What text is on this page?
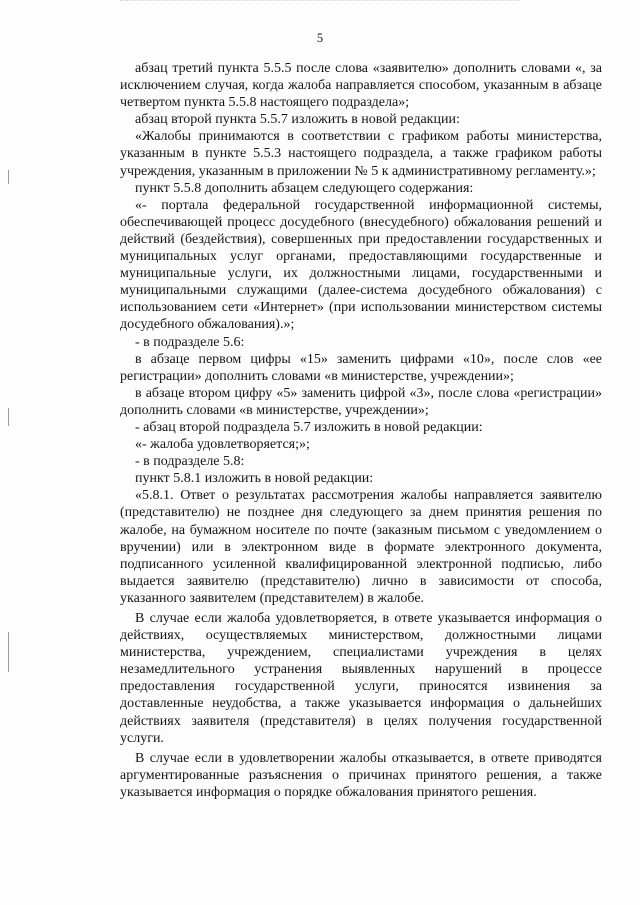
5

абзац третий пункта 5.5.5 после слова «заявителю» дополнить словами «, за исключением случая, когда жалоба направляется способом, указанным в абзаце четвертом пункта 5.5.8 настоящего подраздела»;

абзац второй пункта 5.5.7 изложить в новой редакции:

«Жалобы принимаются в соответствии с графиком работы министерства, указанным в пункте 5.5.3 настоящего подраздела, а также графиком работы учреждения, указанным в приложении № 5 к административному регламенту.»;

пункт 5.5.8 дополнить абзацем следующего содержания:

«- портала федеральной государственной информационной системы, обеспечивающей процесс досудебного (внесудебного) обжалования решений и действий (бездействия), совершенных при предоставлении государственных и муниципальных услуг органами, предоставляющими государственные и муниципальные услуги, их должностными лицами, государственными и муниципальными служащими (далее-система досудебного обжалования) с использованием сети «Интернет» (при использовании министерством системы досудебного обжалования).»;

- в подразделе 5.6:

в абзаце первом цифры «15» заменить цифрами «10», после слов «ее регистрации» дополнить словами «в министерстве, учреждении»;

в абзаце втором цифру «5» заменить цифрой «3», после слова «регистрации» дополнить словами «в министерстве, учреждении»;

- абзац второй подраздела 5.7 изложить в новой редакции:

«- жалоба удовлетворяется;»;

- в подразделе 5.8:

пункт 5.8.1 изложить в новой редакции:

«5.8.1. Ответ о результатах рассмотрения жалобы направляется заявителю (представителю) не позднее дня следующего за днем принятия решения по жалобе, на бумажном носителе по почте (заказным письмом с уведомлением о вручении) или в электронном виде в формате электронного документа, подписанного усиленной квалифицированной электронной подписью, либо выдается заявителю (представителю) лично в зависимости от способа, указанного заявителем (представителем) в жалобе.

В случае если жалоба удовлетворяется, в ответе указывается информация о действиях, осуществляемых министерством, должностными лицами министерства, учреждением, специалистами учреждения в целях незамедлительного устранения выявленных нарушений в процессе предоставления государственной услуги, приносятся извинения за доставленные неудобства, а также указывается информация о дальнейших действиях заявителя (представителя) в целях получения государственной услуги.

В случае если в удовлетворении жалобы отказывается, в ответе приводятся аргументированные разъяснения о причинах принятого решения, а также указывается информация о порядке обжалования принятого решения.
